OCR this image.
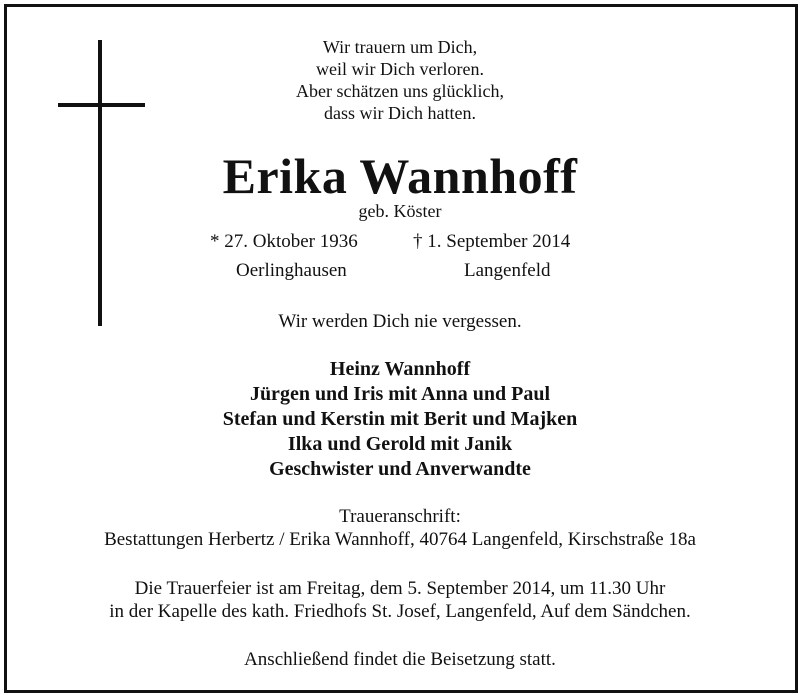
Wir trauern um Dich,
weil wir Dich verloren.
Aber schätzen uns glücklich,
dass wir Dich hatten.
Erika Wannhoff
geb. Köster
* 27. Oktober 1936	† 1. September 2014
Oerlinghausen	Langenfeld
Wir werden Dich nie vergessen.
Heinz Wannhoff
Jürgen und Iris mit Anna und Paul
Stefan und Kerstin mit Berit und Majken
Ilka und Gerold mit Janik
Geschwister und Anverwandte
Traueranschrift:
Bestattungen Herbertz / Erika Wannhoff, 40764 Langenfeld, Kirschstraße 18a
Die Trauerfeier ist am Freitag, dem 5. September 2014, um 11.30 Uhr
in der Kapelle des kath. Friedhofs St. Josef, Langenfeld, Auf dem Sändchen.
Anschließend findet die Beisetzung statt.
